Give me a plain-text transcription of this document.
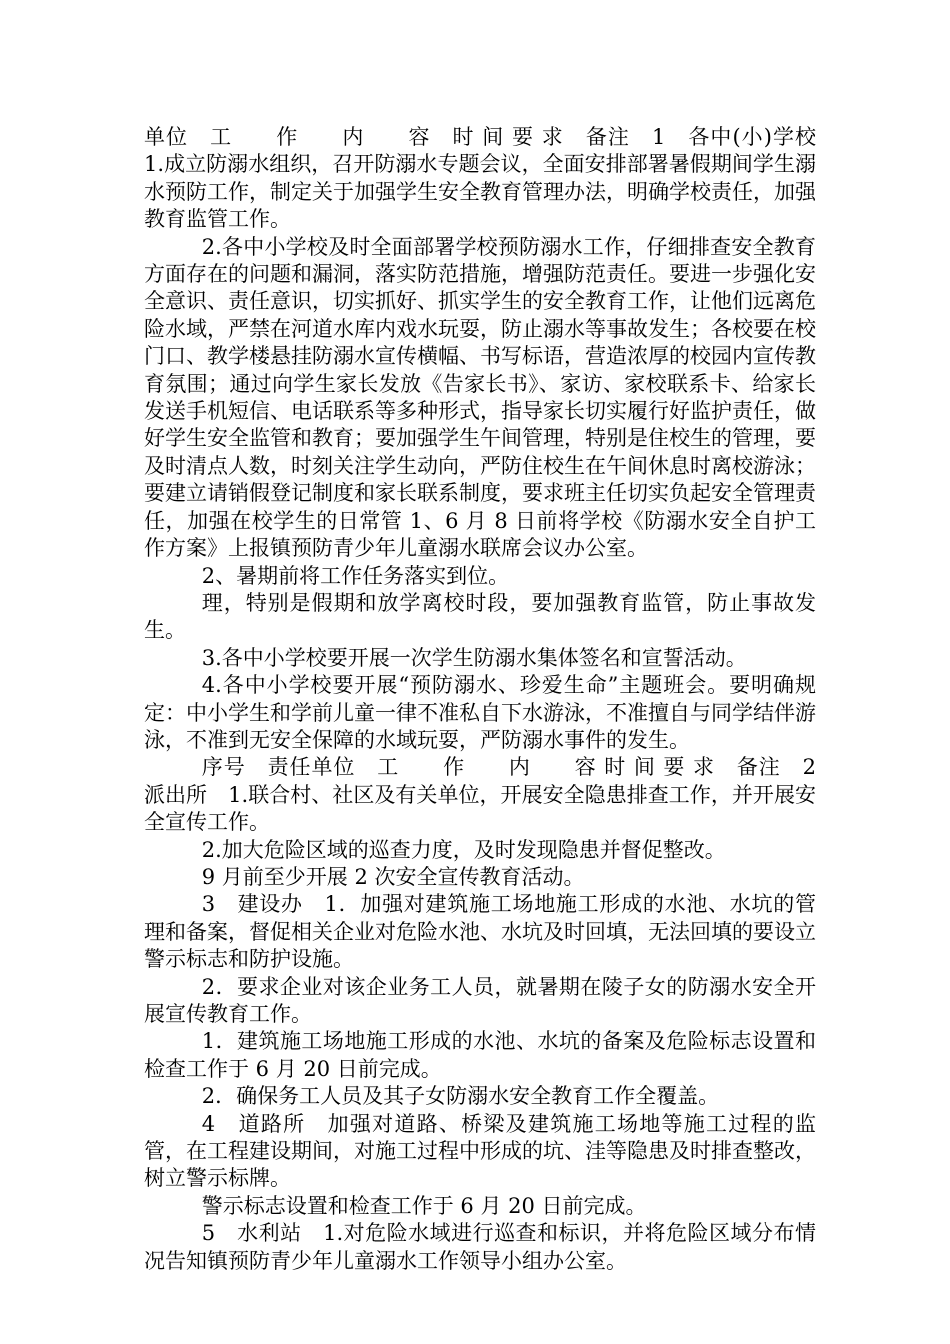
单位　工　　作　　内　　容　时 间 要 求　备注　1　各中(小)学校　1.成立防溺水组织，召开防溺水专题会议，全面安排部署暑假期间学生溺水预防工作，制定关于加强学生安全教育管理办法，明确学校责任，加强教育监管工作。

2.各中小学校及时全面部署学校预防溺水工作，仔细排查安全教育方面存在的问题和漏洞，落实防范措施，增强防范责任。要进一步强化安全意识、责任意识，切实抓好、抓实学生的安全教育工作，让他们远离危险水域，严禁在河道水库内戏水玩耍，防止溺水等事故发生；各校要在校门口、教学楼悬挂防溺水宣传横幅、书写标语，营造浓厚的校园内宣传教育氛围；通过向学生家长发放《告家长书》、家访、家校联系卡、给家长发送手机短信、电话联系等多种形式，指导家长切实履行好监护责任，做好学生安全监管和教育；要加强学生午间管理，特别是住校生的管理，要及时清点人数，时刻关注学生动向，严防住校生在午间休息时离校游泳；要建立请销假登记制度和家长联系制度，要求班主任切实负起安全管理责任，加强在校学生的日常管 1、6 月 8 日前将学校《防溺水安全自护工作方案》上报镇预防青少年儿童溺水联席会议办公室。

2、暑期前将工作任务落实到位。

理，特别是假期和放学离校时段，要加强教育监管，防止事故发生。

3.各中小学校要开展一次学生防溺水集体签名和宣誓活动。

4.各中小学校要开展“预防溺水、珍爱生命”主题班会。要明确规定：中小学生和学前儿童一律不准私自下水游泳，不准擅自与同学结伴游泳，不准到无安全保障的水域玩耍，严防溺水事件的发生。

序号　责任单位　工　　作　　内　　容 时 间 要 求　备注　2　派出所　1.联合村、社区及有关单位，开展安全隐患排查工作，并开展安全宣传工作。

2.加大危险区域的巡查力度，及时发现隐患并督促整改。

9 月前至少开展 2 次安全宣传教育活动。

3　建设办　1．加强对建筑施工场地施工形成的水池、水坑的管理和备案，督促相关企业对危险水池、水坑及时回填，无法回填的要设立警示标志和防护设施。

2．要求企业对该企业务工人员，就暑期在陵子女的防溺水安全开展宣传教育工作。

1．建筑施工场地施工形成的水池、水坑的备案及危险标志设置和检查工作于 6 月 20 日前完成。

2．确保务工人员及其子女防溺水安全教育工作全覆盖。

4　道路所　加强对道路、桥梁及建筑施工场地等施工过程的监管，在工程建设期间，对施工过程中形成的坑、洼等隐患及时排查整改，树立警示标牌。

警示标志设置和检查工作于 6 月 20 日前完成。

5　水利站　1.对危险水域进行巡查和标识，并将危险区域分布情况告知镇预防青少年儿童溺水工作领导小组办公室。
